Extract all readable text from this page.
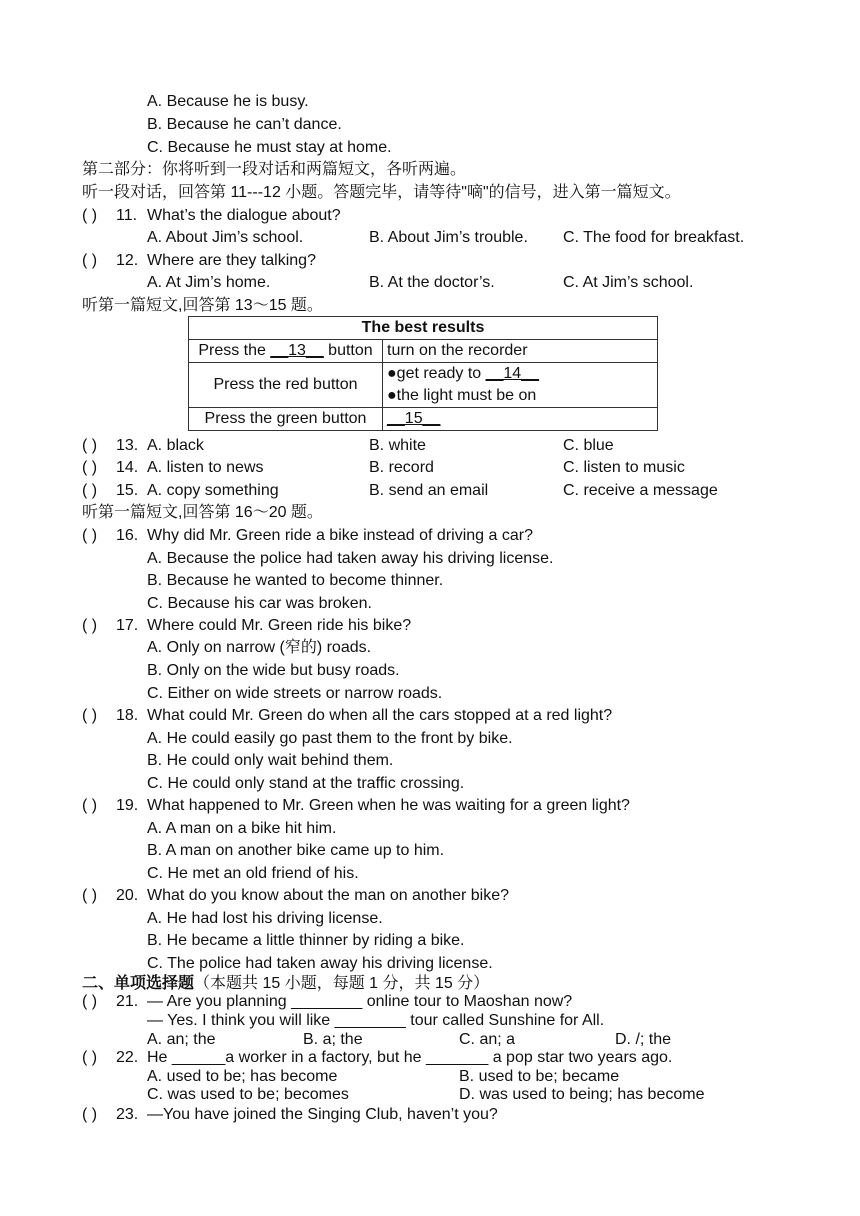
A. Because he is busy.
B. Because he can’t dance.
C. Because he must stay at home.
第二部分：你将听到一段对话和两篇短文，各听两遍。
听一段对话，回答第 11---12 小题。答题完毕，请等待"嘀"的信号，进入第一篇短文。
( ) 11. What’s the dialogue about?
A. About Jim’s school.	B. About Jim’s trouble. C. The food for breakfast.
( ) 12. Where are they talking?
A. At Jim’s home.	B. At the doctor’s.	C. At Jim’s school.
听第一篇短文,回答第 13～15 题。
The best results	
Press the __13__ button	turn on the recorder
Press the red button	●get ready to __14__
●the light must be on

Press the green button	__15__
( ) 13. A. black	B. white	C. blue
( ) 14. A. listen to news	B. record	C. listen to music
( ) 15. A. copy something	B. send an email	C. receive a message
听第一篇短文,回答第 16～20 题。
( ) 16. Why did Mr. Green ride a bike instead of driving a car?
A. Because the police had taken away his driving license.
B. Because he wanted to become thinner.
C. Because his car was broken.
( ) 17. Where could Mr. Green ride his bike?
A. Only on narrow (窄的) roads.
B. Only on the wide but busy roads.
C. Either on wide streets or narrow roads.
( ) 18. What could Mr. Green do when all the cars stopped at a red light?
A. He could easily go past them to the front by bike.
B. He could only wait behind them.
C. He could only stand at the traffic crossing.
( ) 19. What happened to Mr. Green when he was waiting for a green light?
A. A man on a bike hit him.
B. A man on another bike came up to him.
C. He met an old friend of his.
( ) 20. What do you know about the man on another bike?
A. He had lost his driving license.
B. He became a little thinner by riding a bike.
C. The police had taken away his driving license.
二、单项选择题（本题共 15 小题，每题 1 分，共 15 分）
( ) 21. — Are you planning ________ online tour to Maoshan now?
— Yes. I think you will like ________ tour called Sunshine for All.
A. an; the	B. a; the	C. an; a	D. /; the
( ) 22. He ______a worker in a factory, but he _______ a pop star two years ago.
A. used to be; has become	B. used to be; became
C. was used to be; becomes	D. was used to being; has become
( ) 23. —You have joined the Singing Club, haven’t you?
